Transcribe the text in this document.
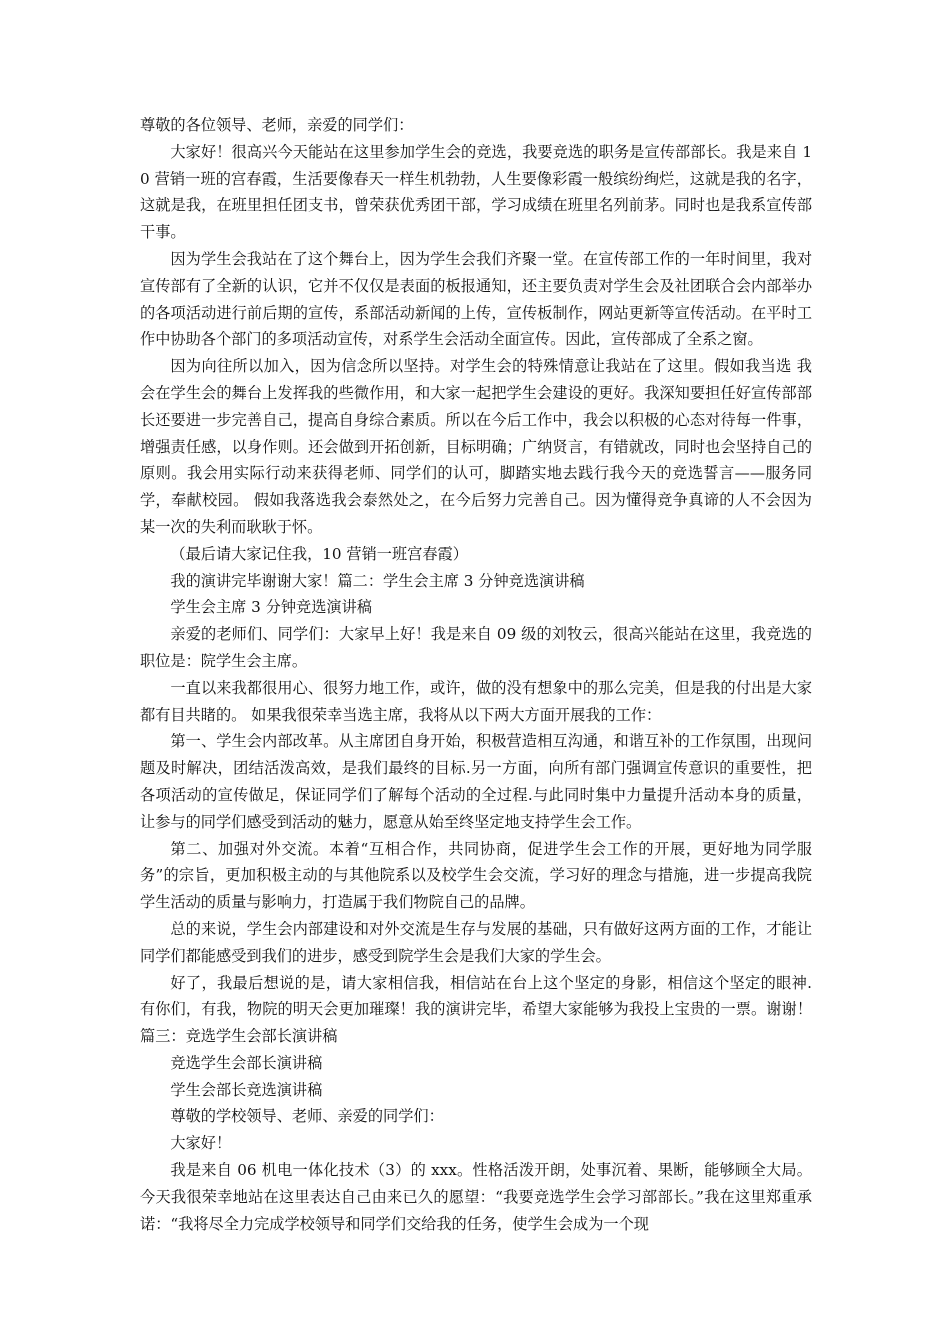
尊敬的各位领导、老师，亲爱的同学们：

大家好！很高兴今天能站在这里参加学生会的竞选，我要竞选的职务是宣传部部长。我是来自 10 营销一班的宫春霞，生活要像春天一样生机勃勃，人生要像彩霞一般缤纷绚烂，这就是我的名字，这就是我，在班里担任团支书，曾荣获优秀团干部，学习成绩在班里名列前茅。同时也是我系宣传部干事。

因为学生会我站在了这个舞台上，因为学生会我们齐聚一堂。在宣传部工作的一年时间里，我对宣传部有了全新的认识，它并不仅仅是表面的板报通知，还主要负责对学生会及社团联合会内部举办的各项活动进行前后期的宣传，系部活动新闻的上传，宣传板制作，网站更新等宣传活动。在平时工作中协助各个部门的多项活动宣传，对系学生会活动全面宣传。因此，宣传部成了全系之窗。

因为向往所以加入，因为信念所以坚持。对学生会的特殊情意让我站在了这里。假如我当选 我会在学生会的舞台上发挥我的些微作用，和大家一起把学生会建设的更好。我深知要担任好宣传部部长还要进一步完善自己，提高自身综合素质。所以在今后工作中，我会以积极的心态对待每一件事，增强责任感，以身作则。还会做到开拓创新，目标明确；广纳贤言，有错就改，同时也会坚持自己的原则。我会用实际行动来获得老师、同学们的认可，脚踏实地去践行我今天的竞选誓言——服务同学，奉献校园。 假如我落选我会泰然处之，在今后努力完善自己。因为懂得竞争真谛的人不会因为某一次的失利而耿耿于怀。

（最后请大家记住我，10 营销一班宫春霞）

我的演讲完毕谢谢大家！篇二：学生会主席 3 分钟竞选演讲稿

学生会主席 3 分钟竞选演讲稿

亲爱的老师们、同学们：大家早上好！我是来自 09 级的刘牧云，很高兴能站在这里，我竞选的职位是：院学生会主席。

一直以来我都很用心、很努力地工作，或许，做的没有想象中的那么完美，但是我的付出是大家都有目共睹的。 如果我很荣幸当选主席，我将从以下两大方面开展我的工作：

第一、学生会内部改革。从主席团自身开始，积极营造相互沟通，和谐互补的工作氛围，出现问题及时解决，团结活泼高效，是我们最终的目标.另一方面，向所有部门强调宣传意识的重要性，把各项活动的宣传做足，保证同学们了解每个活动的全过程.与此同时集中力量提升活动本身的质量，让参与的同学们感受到活动的魅力，愿意从始至终坚定地支持学生会工作。

第二、加强对外交流。本着“互相合作，共同协商，促进学生会工作的开展，更好地为同学服务”的宗旨，更加积极主动的与其他院系以及校学生会交流，学习好的理念与措施，进一步提高我院学生活动的质量与影响力，打造属于我们物院自己的品牌。

总的来说，学生会内部建设和对外交流是生存与发展的基础，只有做好这两方面的工作，才能让同学们都能感受到我们的进步，感受到院学生会是我们大家的学生会。

好了，我最后想说的是，请大家相信我，相信站在台上这个坚定的身影，相信这个坚定的眼神.有你们，有我，物院的明天会更加璀璨！我的演讲完毕，希望大家能够为我投上宝贵的一票。谢谢！篇三：竞选学生会部长演讲稿

竞选学生会部长演讲稿

学生会部长竞选演讲稿

尊敬的学校领导、老师、亲爱的同学们：

大家好！

我是来自 06 机电一体化技术（3）的 xxx。性格活泼开朗，处事沉着、果断，能够顾全大局。今天我很荣幸地站在这里表达自己由来已久的愿望：“我要竞选学生会学习部部长。”我在这里郑重承诺：“我将尽全力完成学校领导和同学们交给我的任务，使学生会成为一个现
